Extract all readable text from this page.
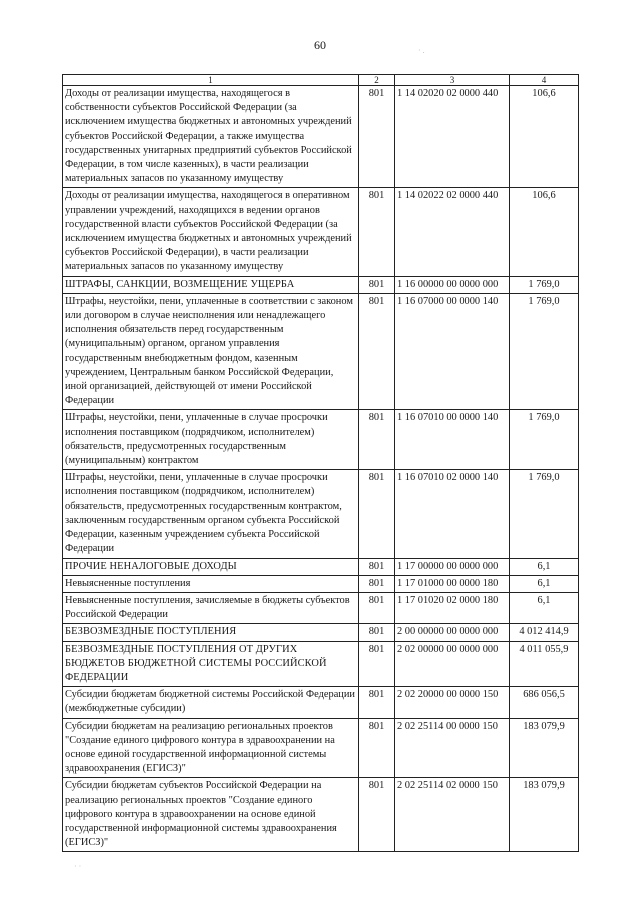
60
1	2	3	4
Доходы от реализации имущества, находящегося в собственности субъектов Российской Федерации (за исключением имущества бюджетных и автономных учреждений субъектов Российской Федерации, а также имущества государственных унитарных предприятий субъектов Российской Федерации, в том числе казенных), в части реализации материальных запасов по указанному имуществу	801	1 14 02020 02 0000 440	106,6
Доходы от реализации имущества, находящегося в оперативном управлении учреждений, находящихся в ведении органов государственной власти субъектов Российской Федерации (за исключением имущества бюджетных и автономных учреждений субъектов Российской Федерации), в части реализации материальных запасов по указанному имуществу	801	1 14 02022 02 0000 440	106,6
ШТРАФЫ, САНКЦИИ, ВОЗМЕЩЕНИЕ УЩЕРБА	801	1 16 00000 00 0000 000	1 769,0
Штрафы, неустойки, пени, уплаченные в соответствии с законом или договором в случае неисполнения или ненадлежащего исполнения обязательств перед государственным (муниципальным) органом, органом управления государственным внебюджетным фондом, казенным учреждением, Центральным банком Российской Федерации, иной организацией, действующей от имени Российской Федерации	801	1 16 07000 00 0000 140	1 769,0
Штрафы, неустойки, пени, уплаченные в случае просрочки исполнения поставщиком (подрядчиком, исполнителем) обязательств, предусмотренных государственным (муниципальным) контрактом	801	1 16 07010 00 0000 140	1 769,0
Штрафы, неустойки, пени, уплаченные в случае просрочки исполнения поставщиком (подрядчиком, исполнителем) обязательств, предусмотренных государственным контрактом, заключенным государственным органом субъекта Российской Федерации, казенным учреждением субъекта Российской Федерации	801	1 16 07010 02 0000 140	1 769,0
ПРОЧИЕ НЕНАЛОГОВЫЕ ДОХОДЫ	801	1 17 00000 00 0000 000	6,1
Невыясненные поступления	801	1 17 01000 00 0000 180	6,1
Невыясненные поступления, зачисляемые в бюджеты субъектов Российской Федерации	801	1 17 01020 02 0000 180	6,1
БЕЗВОЗМЕЗДНЫЕ ПОСТУПЛЕНИЯ	801	2 00 00000 00 0000 000	4 012 414,9
БЕЗВОЗМЕЗДНЫЕ ПОСТУПЛЕНИЯ ОТ ДРУГИХ БЮДЖЕТОВ БЮДЖЕТНОЙ СИСТЕМЫ РОССИЙСКОЙ ФЕДЕРАЦИИ	801	2 02 00000 00 0000 000	4 011 055,9
Субсидии бюджетам бюджетной системы Российской Федерации (межбюджетные субсидии)	801	2 02 20000 00 0000 150	686 056,5
Субсидии бюджетам на реализацию региональных проектов "Создание единого цифрового контура в здравоохранении на основе единой государственной информационной системы здравоохранения (ЕГИСЗ)"	801	2 02 25114 00 0000 150	183 079,9
Субсидии бюджетам субъектов Российской Федерации на реализацию региональных проектов "Создание единого цифрового контура в здравоохранении на основе единой государственной информационной системы здравоохранения (ЕГИСЗ)"	801	2 02 25114 02 0000 150	183 079,9
· .
· ·
